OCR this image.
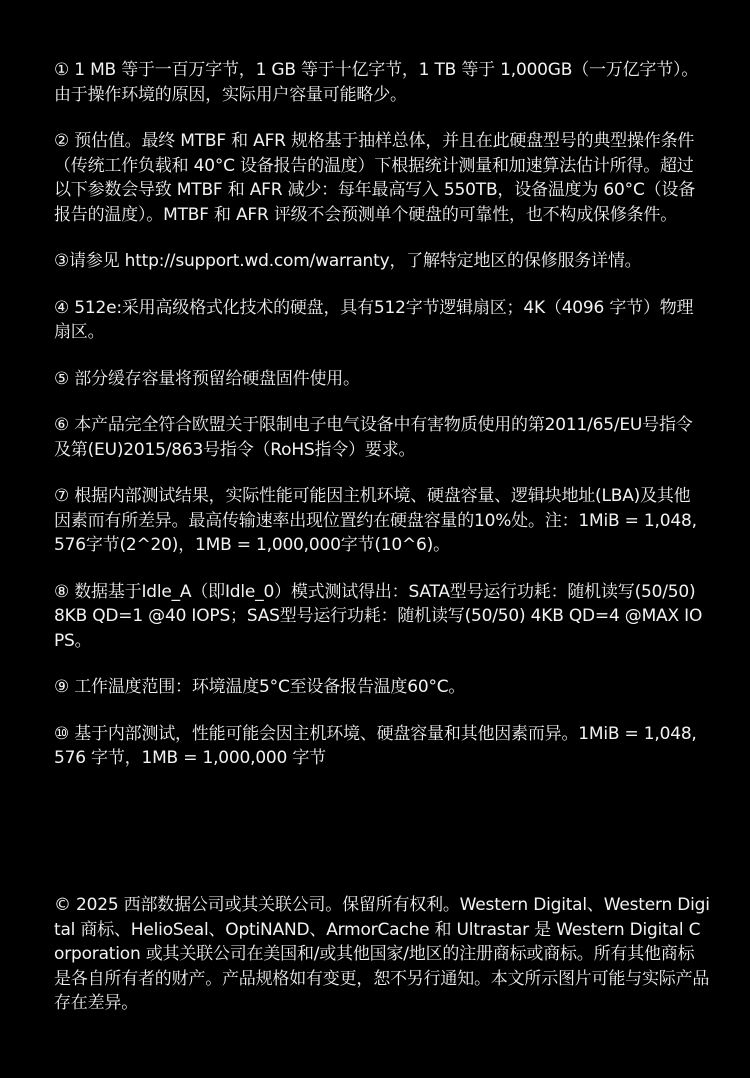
① 1 MB 等于一百万字节，1 GB 等于十亿字节，1 TB 等于 1,000GB（一万亿字节）。由于操作环境的原因，实际用户容量可能略少。

② 预估值。最终 MTBF 和 AFR 规格基于抽样总体，并且在此硬盘型号的典型操作条件（传统工作负载和 40°C 设备报告的温度）下根据统计测量和加速算法估计所得。超过以下参数会导致 MTBF 和 AFR 减少：每年最高写入 550TB，设备温度为 60°C（设备报告的温度）。MTBF 和 AFR 评级不会预测单个硬盘的可靠性，也不构成保修条件。

③请参见 http://support.wd.com/warranty，了解特定地区的保修服务详情。

④ 512e:采用高级格式化技术的硬盘，具有512字节逻辑扇区；4K（4096 字节）物理扇区。

⑤ 部分缓存容量将预留给硬盘固件使用。

⑥ 本产品完全符合欧盟关于限制电子电气设备中有害物质使用的第2011/65/EU号指令及第(EU)2015/863号指令（RoHS指令）要求。

⑦ 根据内部测试结果，实际性能可能因主机环境、硬盘容量、逻辑块地址(LBA)及其他因素而有所差异。最高传输速率出现位置约在硬盘容量的10%处。注：1MiB = 1,048,576字节(2^20)，1MB = 1,000,000字节(10^6)。

⑧ 数据基于Idle_A（即Idle_0）模式测试得出：SATA型号运行功耗：随机读写(50/50) 8KB QD=1 @40 IOPS；SAS型号运行功耗：随机读写(50/50) 4KB QD=4 @MAX IOPS。

⑨ 工作温度范围：环境温度5°C至设备报告温度60°C。

⑩ 基于内部测试，性能可能会因主机环境、硬盘容量和其他因素而异。1MiB = 1,048,576 字节，1MB = 1,000,000 字节

© 2025 西部数据公司或其关联公司。保留所有权利。Western Digital、Western Digital 商标、HelioSeal、OptiNAND、ArmorCache 和 Ultrastar 是 Western Digital Corporation 或其关联公司在美国和/或其他国家/地区的注册商标或商标。所有其他商标是各自所有者的财产。产品规格如有变更，恕不另行通知。本文所示图片可能与实际产品存在差异。
